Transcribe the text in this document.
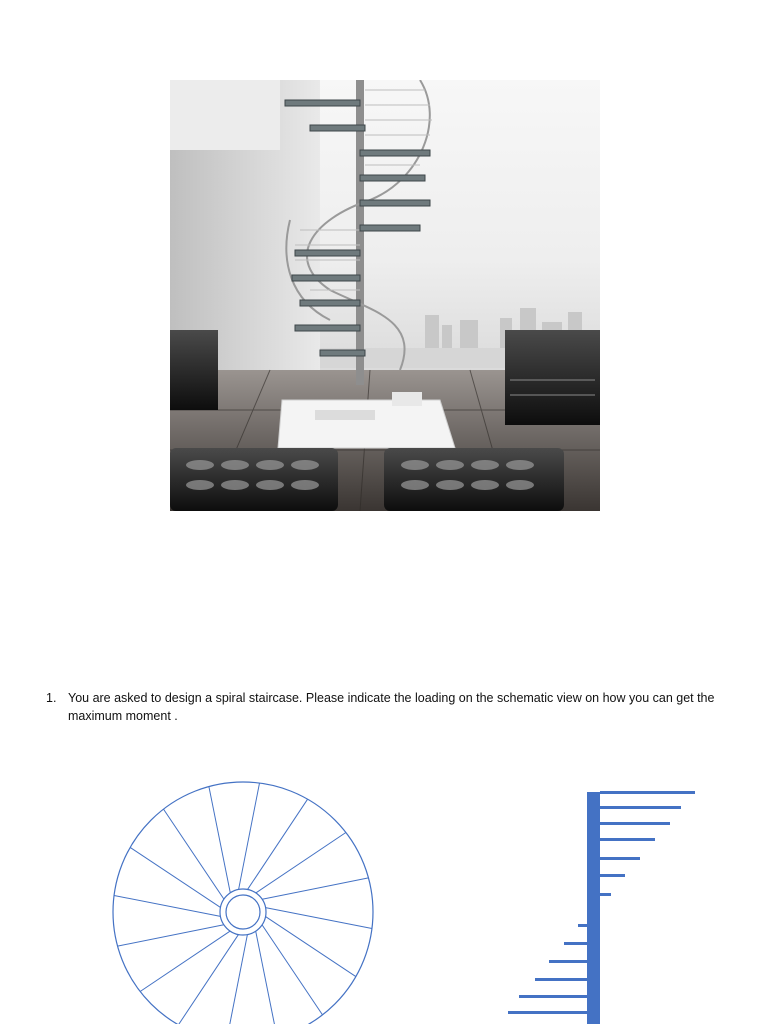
1. You are asked to design a spiral staircase. Please indicate the loading on the schematic view on how you can get the maximum moment .
